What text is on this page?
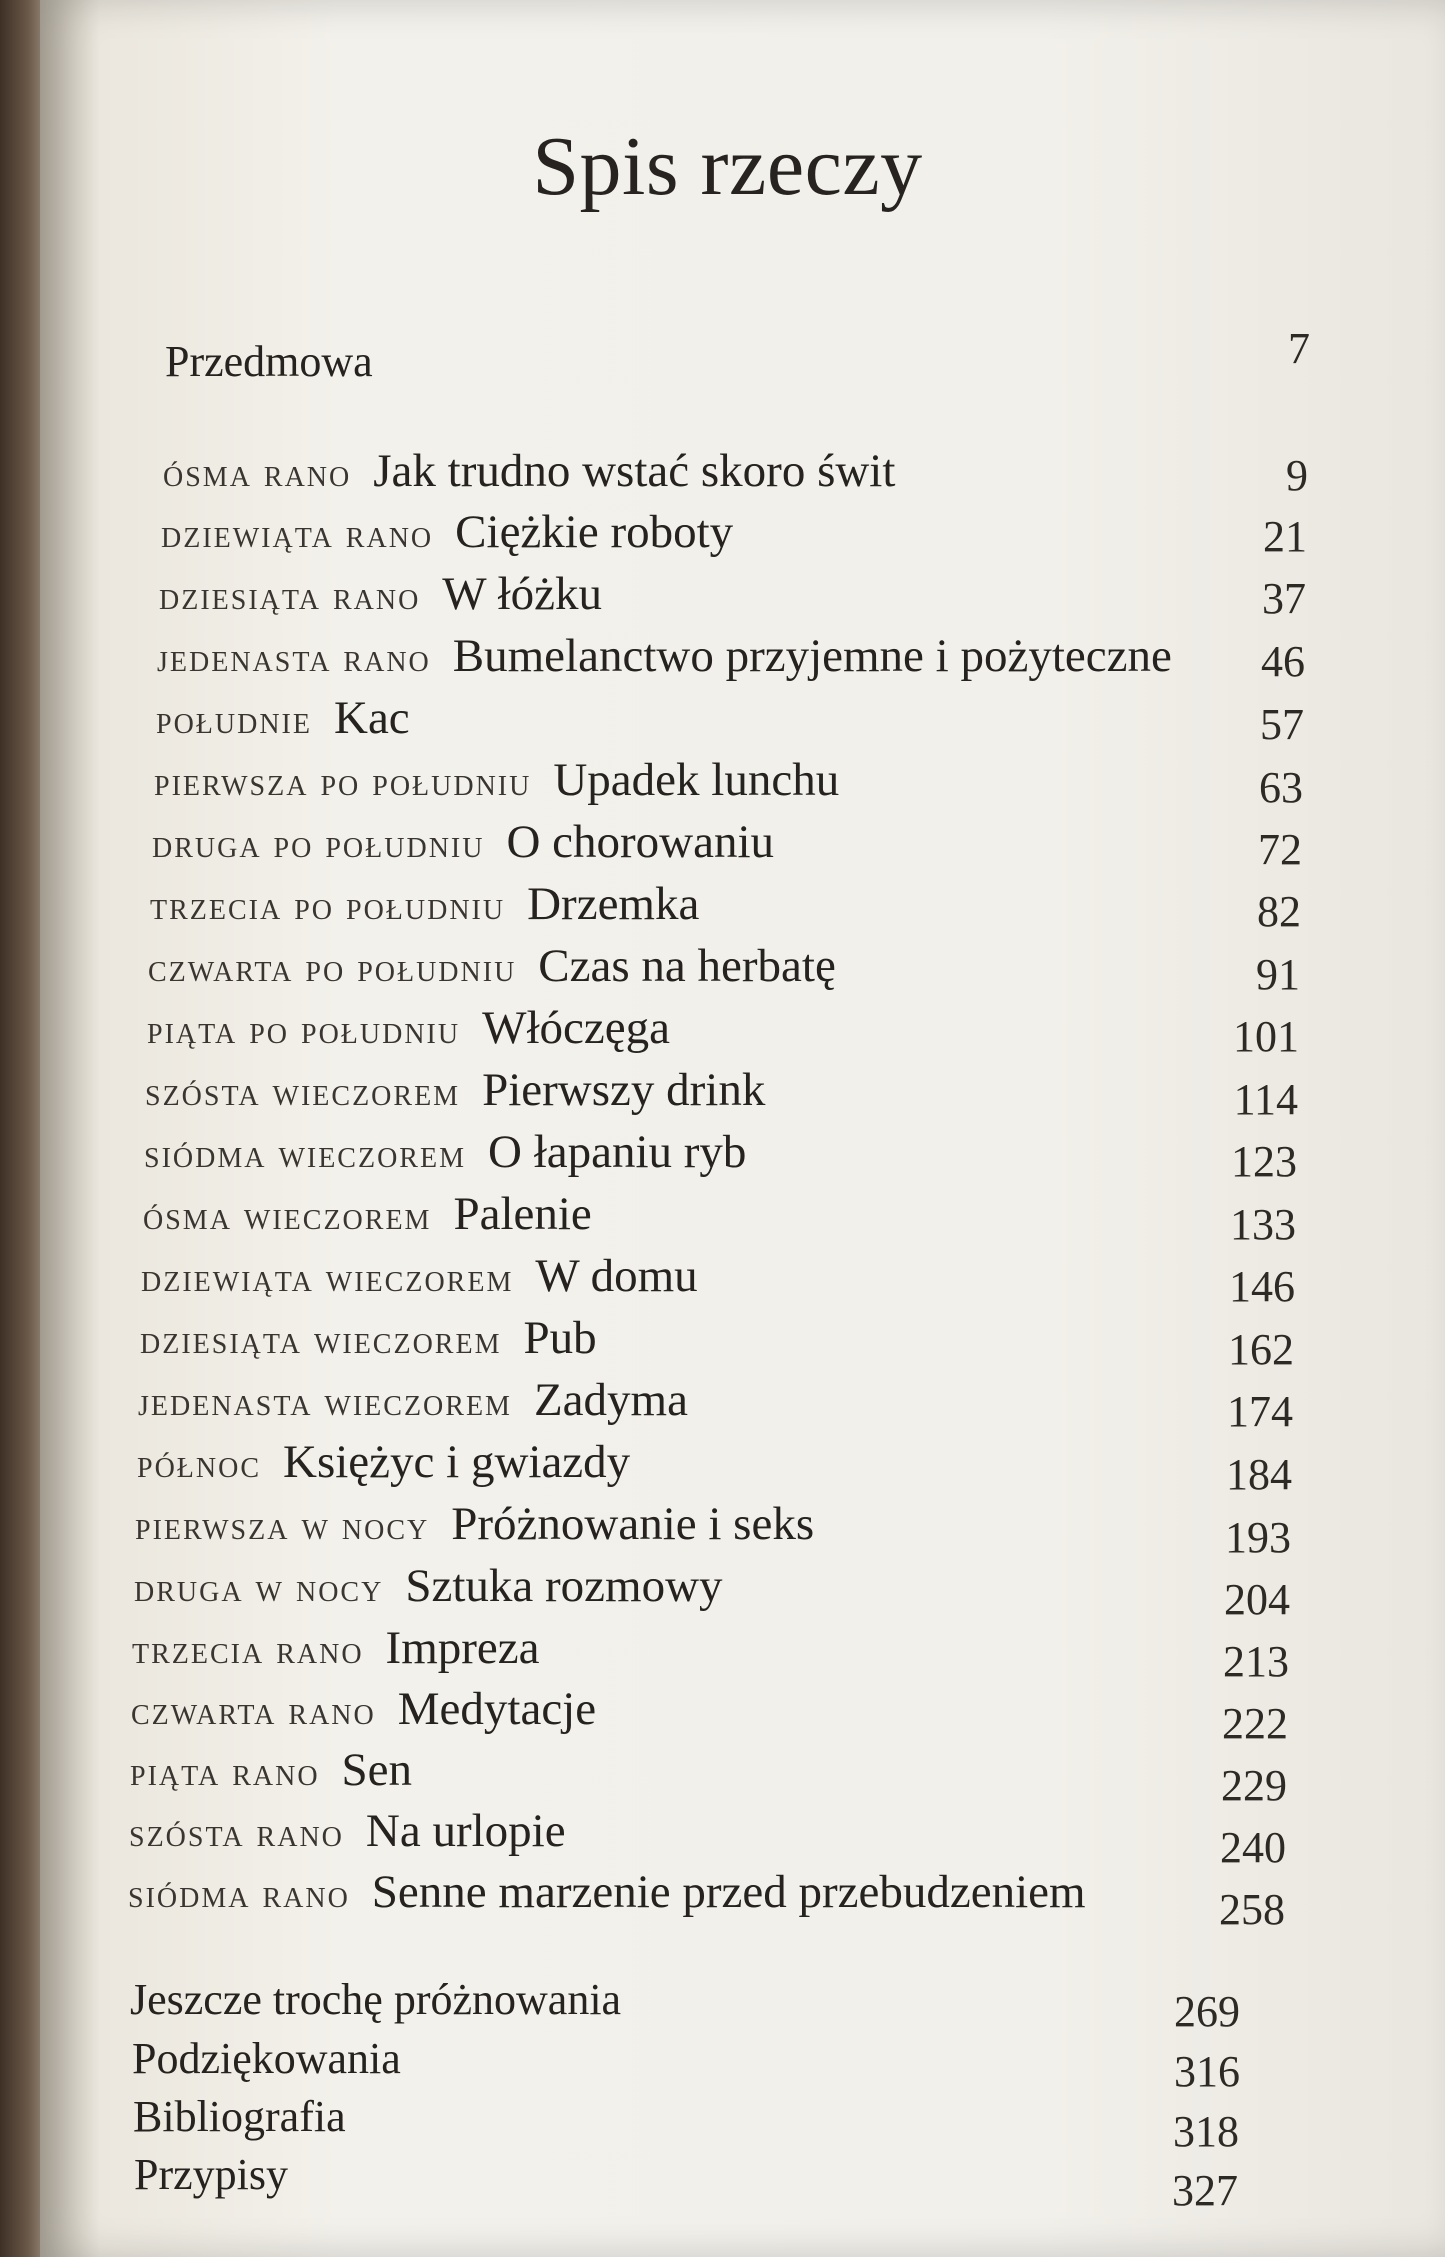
Spis rzeczy
Przedmowa	7
ósma rano Jak trudno wstać skoro świt	9
dziewiąta rano Ciężkie roboty	21
dziesiąta rano W łóżku	37
jedenasta rano Bumelanctwo przyjemne i pożyteczne	46
południe Kac	57
pierwsza po południu Upadek lunchu	63
druga po południu O chorowaniu	72
trzecia po południu Drzemka	82
czwarta po południu Czas na herbatę	91
piąta po południu Włóczęga	101
szósta wieczorem Pierwszy drink	114
siódma wieczorem O łapaniu ryb	123
ósma wieczorem Palenie	133
dziewiąta wieczorem W domu	146
dziesiąta wieczorem Pub	162
jedenasta wieczorem Zadyma	174
północ Księżyc i gwiazdy	184
pierwsza w nocy Próżnowanie i seks	193
druga w nocy Sztuka rozmowy	204
trzecia rano Impreza	213
czwarta rano Medytacje	222
piąta rano Sen	229
szósta rano Na urlopie	240
siódma rano Senne marzenie przed przebudzeniem	258
Jeszcze trochę próżnowania	269
Podziękowania	316
Bibliografia	318
Przypisy	327
